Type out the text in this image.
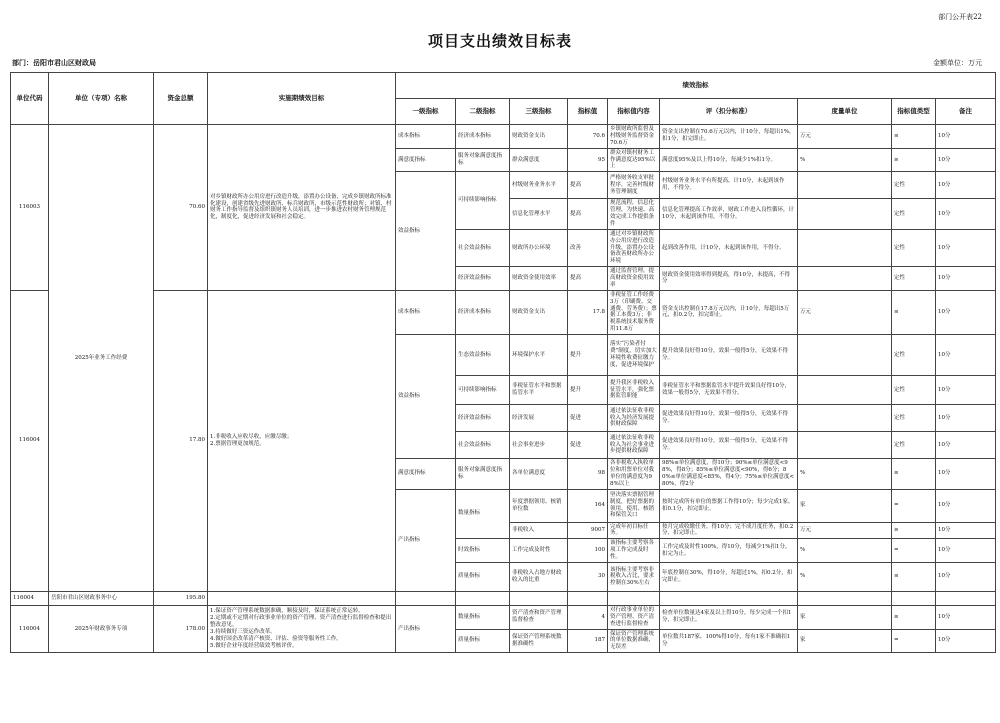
部门公开表22
项目支出绩效目标表
部门：岳阳市君山区财政局	金额单位：万元
单位代码	单位（专项）名称	资金总额	实施期绩效目标	绩效指标								
				一级指标	二级指标	三级指标	指标值	指标值内容	评（扣分标准）	度量单位	指标值类型	备注
116003	2025年业务工作经费	70.60	对乡镇财政所办公用房进行改造升级，添置办公设备，完成乡镇财政所标准化建设，创建省级先进财政所、标兵财政所，市级示范性财政所；对镇、村财务工作指导监督及组织镇财务人员培训，进一步推进农村财务管理规范化，制度化，促进经济发展和社会稳定。	成本指标	经济成本指标	财政资金支出	70.6	乡镇财政所监督及村级财务监督资金70.6万	资金支出控制在70.6万元以内，计10分，每超出1%，扣1分，扣完即止。	万元	≤	10分
				满意度指标	服务对象满意度指标	群众满意度	95	群众对镇村财务工作满意度达95%以上	满意度95%及以上得10分，每减少1%扣1分。	%	≥	10分
				效益指标	可持续影响指标	村级财务业务水平	提高	严格财务收支审批程序，完善村级财务管理制度	村级财务业务水平有所提高，计10分，未起到该作用，不得分。		定性	10分
						信息化管理水平	提高	规范流程，信息化管理，为快速、高效完成工作提供条件	信息化管理提高工作效率，财政工作进入良性循环，计10分，未起到该作用，不得分。		定性	10分
					社会效益指标	财政所办公环境	改善	通过对乡镇财政所办公用房进行改造升级，添置办公设备改善财政所办公环境	起到改善作用，计10分，未起到该作用，不得分。		定性	10分
					经济效益指标	财政资金使用效率	提高	通过监督管理，提高财政资金使用效率	财政资金使用效率得到提高，得10分，未提高，不得分		定性	10分
116004		17.80	1.非税收入应收尽收，应缴尽缴；
2.票据管理更加规范。	成本指标	经济成本指标	财政资金支出	17.8	非税征管工作经费3万（印刷费、交通费、劳务费）；票据工本费3万；非税系统技术服务费用11.8万	资金支出控制在17.8万元以内，计10分，每超出5万元，扣0.2分，扣完即止。	万元	≤	10分
				效益指标	生态效益指标	环境保护水平	提升	落实“污染者付费”制度，切实加大环境性收费征缴力度，促进环境保护	提升效果良好得10分，效果一般得5分，无效果不得分。		定性	10分
					可持续影响指标	非税征管水平和票据监管水平	提升	提升我区非税收入征管水平，强化票据监管职能	非税征管水平和票据监管水平提升效果良好得10分，效果一般得5分，无效果不得分。		定性	10分
					经济效益指标	经济发展	促进	通过依法征收非税收入为经济发展提供财政保障	促进效果良好得10分，效果一般得5分，无效果不得分。		定性	10分
					社会效益指标	社会事业进步	促进	通过依法征收非税收入为社会事业进步提供财政保障	促进效果良好得10分，效果一般得5分，无效果不得分。		定性	10分
				满意度指标	服务对象满意度指标	各单位满意度	98	各非税收入执收单位和用票单位对我单位的满意度为98%以上	98%≤单位满意度，得10分；90%≤单位满意度<98%，得8分；85%≤单位满意度<90%，得6分；80%≤单位满意度<85%，得4分；75%≤单位满意度<80%，得2分	%	≥	10分
				产出指标	数量指标	年度票据领用、核销单位数	164	坚决落实票据管理制度，把好票据的领用、使用、核销和保管关口	按时完成所有单位的票据工作得10分；每少完成1家，扣0.1分，扣完即止。	家	=	10分
						非税收入	9007	完成年初目标任务。	按月完成收缴任务，得10分；完不成月度任务，扣0.2分，扣完即止。	万元	≥	10分
					时效指标	工作完成及时性	100	该指标主要考察各项工作完成及时性。	工作完成及时性100%，得10分，每减少1%扣1分，扣完为止。	%	=	10分
					质量指标	非税收入占地方财政收入的比重	30	该指标主要考察非税收入占比，要求控制在30%左右	年底控制在30%，得10分，每超过1%，扣0.2分，扣完即止。	%	≤	10分
116004	岳阳市君山区财政事务中心	195.80										
116004	2025年财政事务专项	178.00	1.保证资产管理系统数据准确，顺接及时，保证系统正常运转。
2.定期或不定期对行政事业单位的资产管理、资产清查进行监督检查和提出整改意见。
3.持续做好三资运作改革。
4.做好国企改革清产核资、评估、验资等服务性工作。
5.做好企业年度经营绩效考核评价。	产出指标	数量指标	资产清查和资产管理监督检查	4	对行政事业单位的资产管理、资产清查进行监督检查	检查单位数量达4家及以上得10分，每少完成一个扣1分，扣完即止。	家	≥	10分
					质量指标	保证资产管理系统数据准确性	187	保证资产管理系统的单位数据准确，无误差	单位数共187家，100%得10分，每有1家不准确扣1分	家	=	10分
